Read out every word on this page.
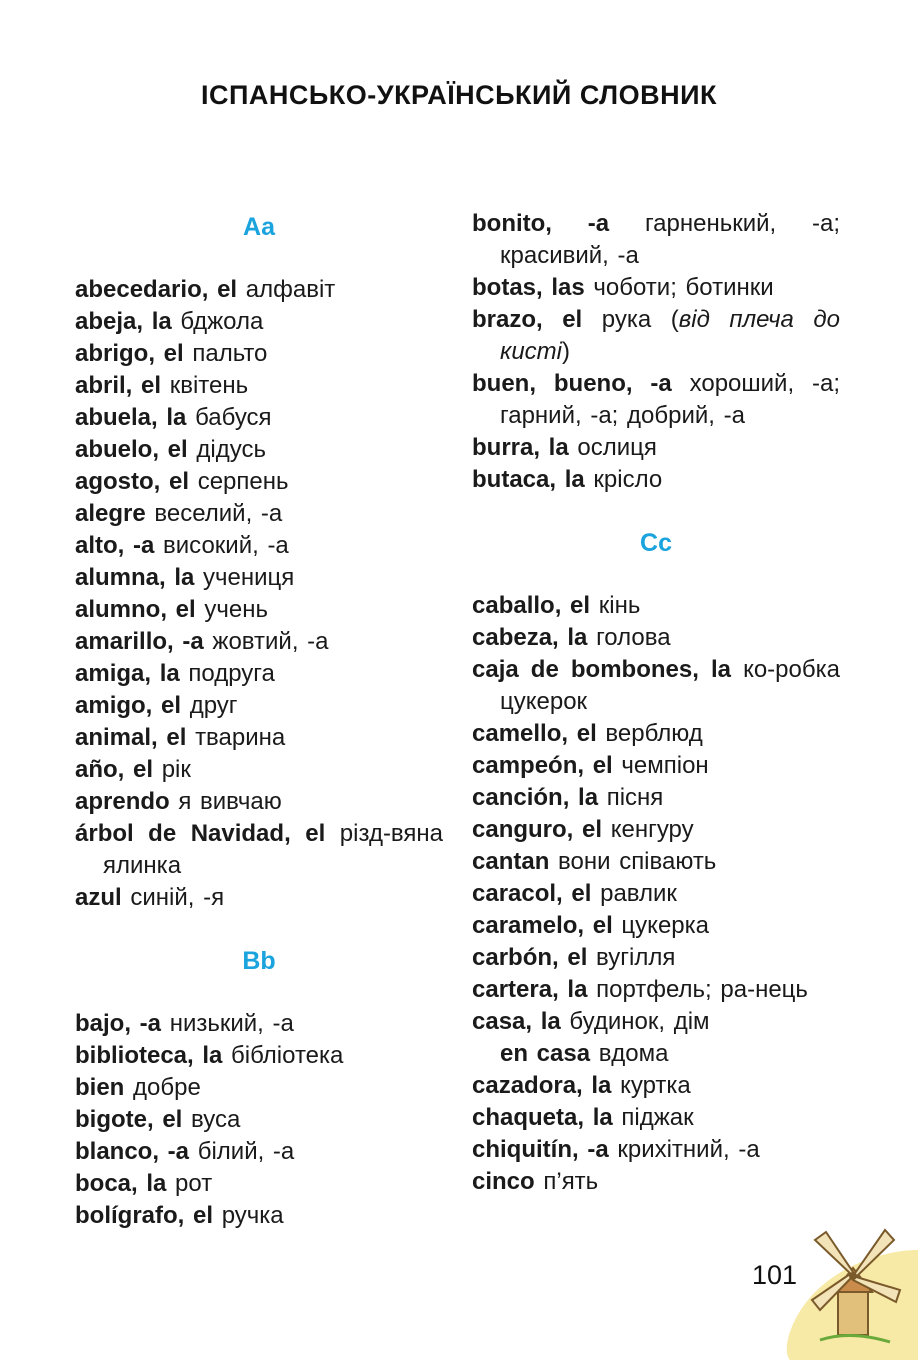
ІСПАНСЬКО-УКРАЇНСЬКИЙ СЛОВНИК
Aa
abecedario, el алфавіт
abeja, la бджола
abrigo, el пальто
abril, el квітень
abuela, la бабуся
abuelo, el дідусь
agosto, el серпень
alegre веселий, -а
alto, -a високий, -а
alumna, la учениця
alumno, el учень
amarillo, -a жовтий, -а
amiga, la подруга
amigo, el друг
animal, el тварина
año, el рік
aprendo я вивчаю
árbol de Navidad, el різд-вяна ялинка
azul синій, -я
Bb
bajo, -a низький, -а
biblioteca, la бібліотека
bien добре
bigote, el вуса
blanco, -a білий, -а
boca, la рот
bolígrafo, el ручка
bonito, -a гарненький, -а; красивий, -а
botas, las чоботи; ботинки
brazo, el рука (від плеча до кисті)
buen, bueno, -a хороший, -а; гарний, -а; добрий, -а
burra, la ослиця
butaca, la крісло
Cc
caballo, el кінь
cabeza, la голова
caja de bombones, la ко-робка цукерок
camello, el верблюд
campeón, el чемпіон
canción, la пісня
canguro, el кенгуру
cantan вони співають
caracol, el равлик
caramelo, el цукерка
carbón, el вугілля
cartera, la портфель; ра-нець
casa, la будинок, дім
en casa вдома
cazadora, la куртка
chaqueta, la піджак
chiquitín, -a крихітний, -а
cinco п’ять
101
